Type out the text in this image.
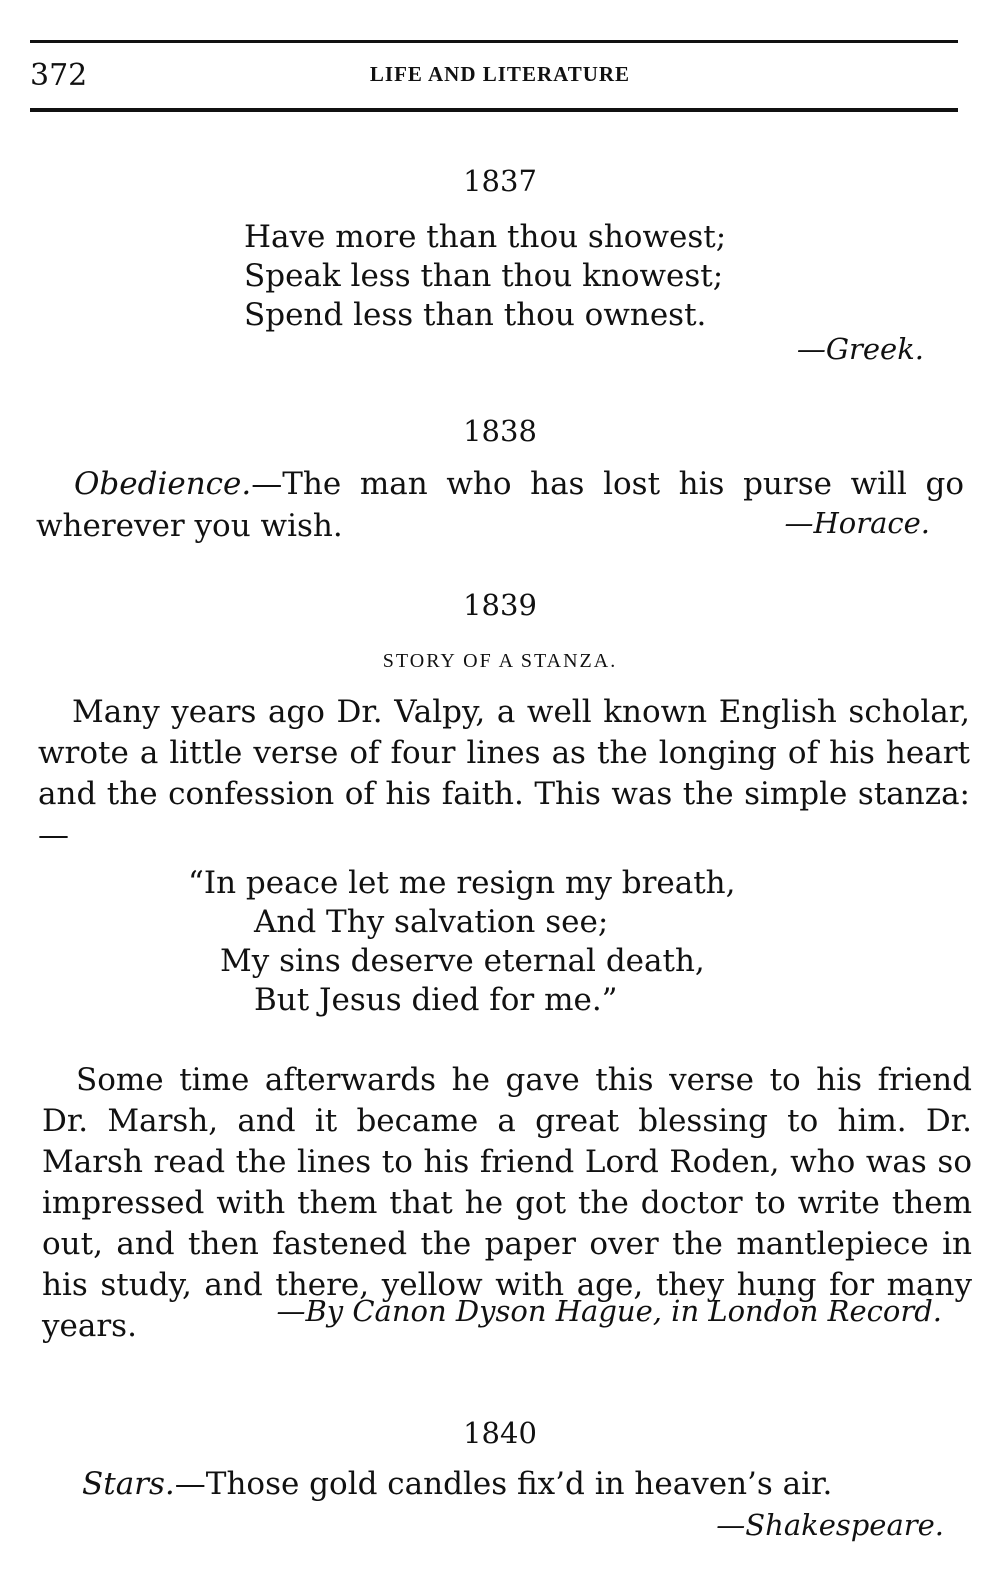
372	LIFE AND LITERATURE
1837
Have more than thou showest;
Speak less than thou knowest;
Spend less than thou ownest.
—Greek.
1838
Obedience. —The man who has lost his purse will go
wherever you wish.	—Horace.
1839
STORY OF A STANZA.
Many years ago Dr. Valpy, a well known English scholar, wrote a little verse of four lines as the longing of his heart and the confession of his faith. This was the simple stanza:—
“In peace let me resign my breath,
And Thy salvation see;
My sins deserve eternal death,
But Jesus died for me.”
Some time afterwards he gave this verse to his friend Dr. Marsh, and it became a great blessing to him. Dr. Marsh read the lines to his friend Lord Roden, who was so impressed with them that he got the doctor to write them out, and then fastened the paper over the mantlepiece in his study, and there, yellow with age, they hung for many years.	—By Canon Dyson Hague, in London Record.
1840
Stars.—Those gold candles fix’d in heaven’s air.
—Shakespeare.
